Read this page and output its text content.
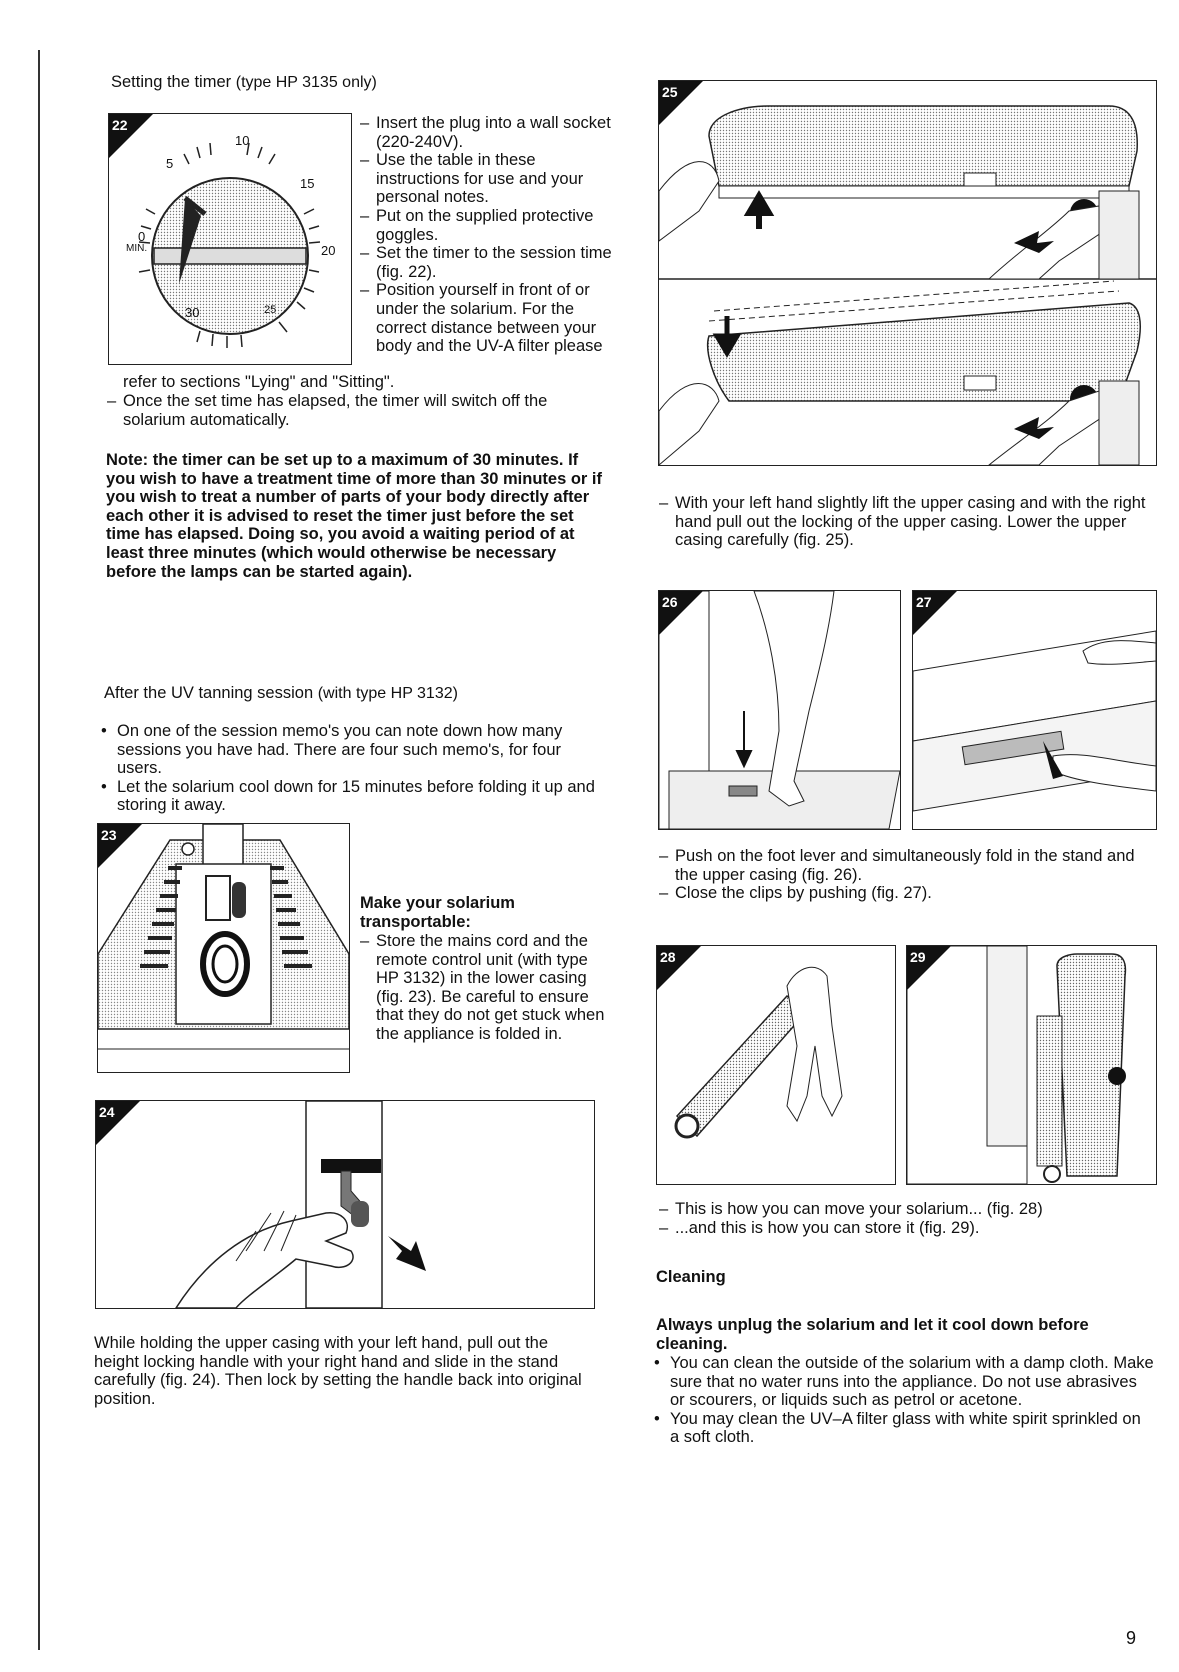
Setting the timer (type HP 3135 only)
22
10
5
15
0
MIN.	20
30	25
– Insert the plug into a wall socket (220-240V).
– Use the table in these instructions for use and your personal notes.
– Put on the supplied protective goggles.
– Set the timer to the session time (fig. 22).
– Position yourself in front of or under the solarium. For the correct distance between your body and the UV-A filter please
refer to sections "Lying" and "Sitting".
– Once the set time has elapsed, the timer will switch off the solarium automatically.
Note: the timer can be set up to a maximum of 30 minutes. If you wish to have a treatment time of more than 30 minutes or if you wish to treat a number of parts of your body directly after each other it is advised to reset the timer just before the set time has elapsed. Doing so, you avoid a waiting period of at least three minutes (which would otherwise be necessary before the lamps can be started again).
After the UV tanning session (with type HP 3132)
• On one of the session memo's you can note down how many sessions you have had. There are four such memo's, for four users.
• Let the solarium cool down for 15 minutes before folding it up and storing it away.
23
Make your solarium transportable:
– Store the mains cord and the remote control unit (with type HP 3132) in the lower casing (fig. 23). Be careful to ensure that they do not get stuck when the appliance is folded in.
24
While holding the upper casing with your left hand, pull out the height locking handle with your right hand and slide in the stand carefully (fig. 24). Then lock by setting the handle back into original position.
25
– With your left hand slightly lift the upper casing and with the right hand pull out the locking of the upper casing. Lower the upper casing carefully (fig. 25).
26	27
– Push on the foot lever and simultaneously fold in the stand and the upper casing (fig. 26).
– Close the clips by pushing (fig. 27).
28	29
– This is how you can move your solarium... (fig. 28)
– ...and this is how you can store it (fig. 29).
Cleaning
Always unplug the solarium and let it cool down before cleaning.
• You can clean the outside of the solarium with a damp cloth. Make sure that no water runs into the appliance. Do not use abrasives or scourers, or liquids such as petrol or acetone.
• You may clean the UV–A filter glass with white spirit sprinkled on a soft cloth.
9
